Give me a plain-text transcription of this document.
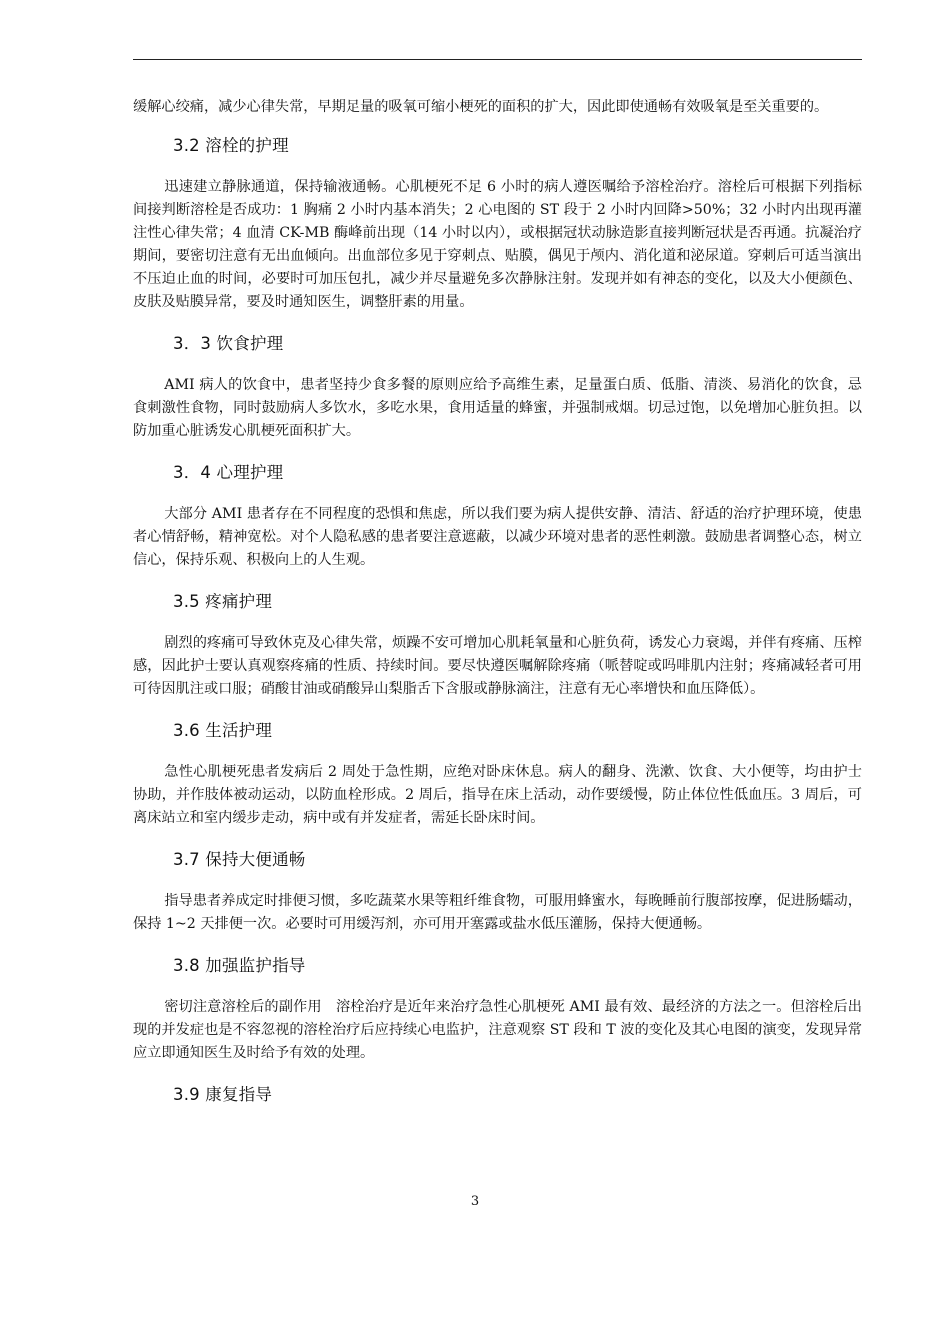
缓解心绞痛，减少心律失常，早期足量的吸氧可缩小梗死的面积的扩大，因此即使通畅有效吸氧是至关重要的。

3.2 溶栓的护理

迅速建立静脉通道，保持输液通畅。心肌梗死不足 6 小时的病人遵医嘱给予溶栓治疗。溶栓后可根据下列指标间接判断溶栓是否成功：1 胸痛 2 小时内基本消失；2 心电图的 ST 段于 2 小时内回降>50%；32 小时内出现再灌注性心律失常；4 血清 CK-MB 酶峰前出现（14 小时以内），或根据冠状动脉造影直接判断冠状是否再通。抗凝治疗期间，要密切注意有无出血倾向。出血部位多见于穿刺点、贴膜，偶见于颅内、消化道和泌尿道。穿刺后可适当演出不压迫止血的时间，必要时可加压包扎，减少并尽量避免多次静脉注射。发现并如有神态的变化，以及大小便颜色、皮肤及贴膜异常，要及时通知医生，调整肝素的用量。

3．3 饮食护理

AMI 病人的饮食中，患者坚持少食多餐的原则应给予高维生素，足量蛋白质、低脂、清淡、易消化的饮食，忌食刺激性食物，同时鼓励病人多饮水，多吃水果，食用适量的蜂蜜，并强制戒烟。切忌过饱，以免增加心脏负担。以防加重心脏诱发心肌梗死面积扩大。

3．4 心理护理

大部分 AMI 患者存在不同程度的恐惧和焦虑，所以我们要为病人提供安静、清洁、舒适的治疗护理环境，使患者心情舒畅，精神宽松。对个人隐私感的患者要注意遮蔽，以减少环境对患者的恶性刺激。鼓励患者调整心态，树立信心，保持乐观、积极向上的人生观。

3.5 疼痛护理

剧烈的疼痛可导致休克及心律失常，烦躁不安可增加心肌耗氧量和心脏负荷，诱发心力衰竭，并伴有疼痛、压榨感，因此护士要认真观察疼痛的性质、持续时间。要尽快遵医嘱解除疼痛（哌替啶或吗啡肌内注射；疼痛减轻者可用可待因肌注或口服；硝酸甘油或硝酸异山梨脂舌下含服或静脉滴注，注意有无心率增快和血压降低）。

3.6 生活护理

急性心肌梗死患者发病后 2 周处于急性期，应绝对卧床休息。病人的翻身、洗漱、饮食、大小便等，均由护士协助，并作肢体被动运动，以防血栓形成。2 周后，指导在床上活动，动作要缓慢，防止体位性低血压。3 周后，可离床站立和室内缓步走动，病中或有并发症者，需延长卧床时间。

3.7 保持大便通畅

指导患者养成定时排便习惯，多吃蔬菜水果等粗纤维食物，可服用蜂蜜水，每晚睡前行腹部按摩，促进肠蠕动，保持 1~2 天排便一次。必要时可用缓泻剂，亦可用开塞露或盐水低压灌肠，保持大便通畅。

3.8 加强监护指导

密切注意溶栓后的副作用　溶栓治疗是近年来治疗急性心肌梗死 AMI 最有效、最经济的方法之一。但溶栓后出现的并发症也是不容忽视的溶栓治疗后应持续心电监护，注意观察 ST 段和 T 波的变化及其心电图的演变，发现异常应立即通知医生及时给予有效的处理。

3.9 康复指导
3
